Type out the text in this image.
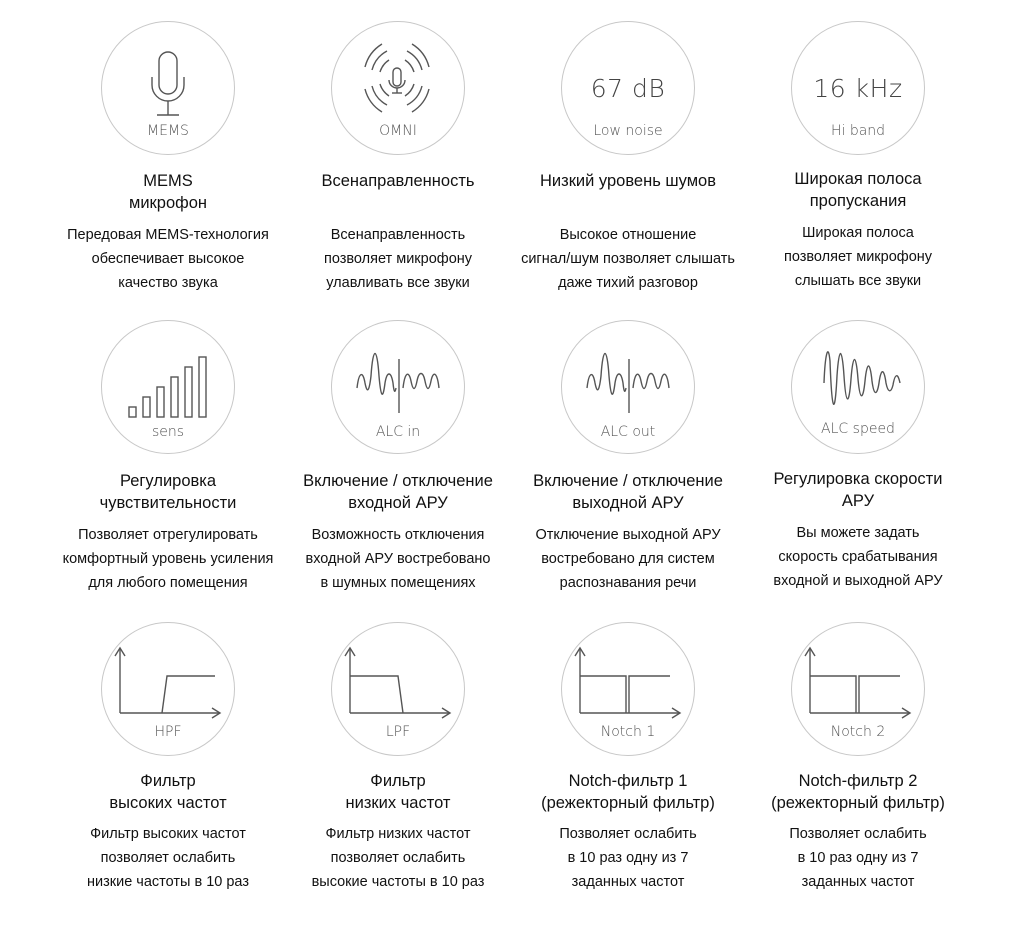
MEMS
MEMS
микрофон
Передовая MEMS-технология
обеспечивает высокое
качество звука
OMNI
Всенаправленность
Всенаправленность
позволяет микрофону
улавливать все звуки
67 dB
Low noise
Низкий уровень шумов
Высокое отношение
сигнал/шум позволяет слышать
даже тихий разговор
16 kHz
Hi band
Широкая полоса
пропускания
Широкая полоса
позволяет микрофону
слышать все звуки
sens
Регулировка
чувствительности
Позволяет отрегулировать
комфортный уровень усиления
для любого помещения
ALC in
Включение / отключение
входной АРУ
Возможность отключения
входной АРУ востребовано
в шумных помещениях
ALC out
Включение / отключение
выходной АРУ
Отключение выходной АРУ
востребовано для систем
распознавания речи
ALC speed
Регулировка скорости
АРУ
Вы можете задать
скорость срабатывания
входной и выходной АРУ
HPF
Фильтр
высоких частот
Фильтр высоких частот
позволяет ослабить
низкие частоты в 10 раз
LPF
Фильтр
низких частот
Фильтр низких частот
позволяет ослабить
высокие частоты в 10 раз
Notch 1
Notch-фильтр 1
(режекторный фильтр)
Позволяет ослабить
в 10 раз одну из 7
заданных частот
Notch 2
Notch-фильтр 2
(режекторный фильтр)
Позволяет ослабить
в 10 раз одну из 7
заданных частот
